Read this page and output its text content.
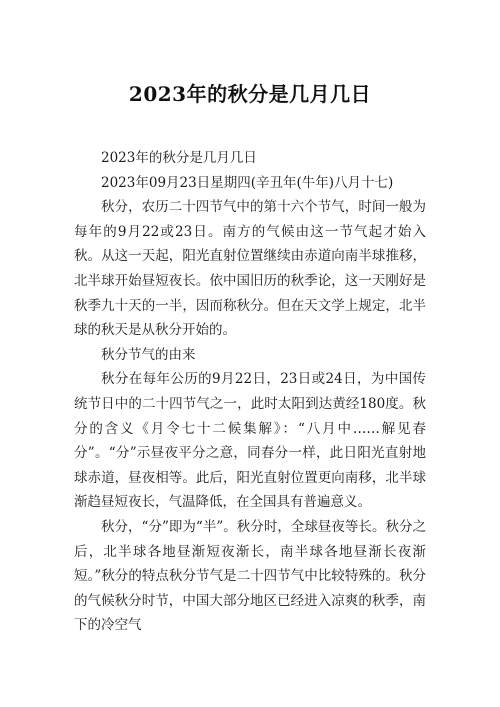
2023年的秋分是几月几日

2023年的秋分是几月几日

2023年09月23日星期四(辛丑年(牛年)八月十七)

秋分，农历二十四节气中的第十六个节气，时间一般为每年的9月22或23日。南方的气候由这一节气起才始入秋。从这一天起，阳光直射位置继续由赤道向南半球推移，北半球开始昼短夜长。依中国旧历的秋季论，这一天刚好是秋季九十天的一半，因而称秋分。但在天文学上规定，北半球的秋天是从秋分开始的。

秋分节气的由来

秋分在每年公历的9月22日，23日或24日，为中国传统节日中的二十四节气之一，此时太阳到达黄经180度。秋分的含义《月令七十二候集解》：“八月中……解见春分”。“分”示昼夜平分之意，同春分一样，此日阳光直射地球赤道，昼夜相等。此后，阳光直射位置更向南移，北半球渐趋昼短夜长，气温降低，在全国具有普遍意义。

秋分，“分”即为“半”。秋分时，全球昼夜等长。秋分之后，北半球各地昼渐短夜渐长，南半球各地昼渐长夜渐短。”秋分的特点秋分节气是二十四节气中比较特殊的。秋分的气候秋分时节，中国大部分地区已经进入凉爽的秋季，南下的冷空气
